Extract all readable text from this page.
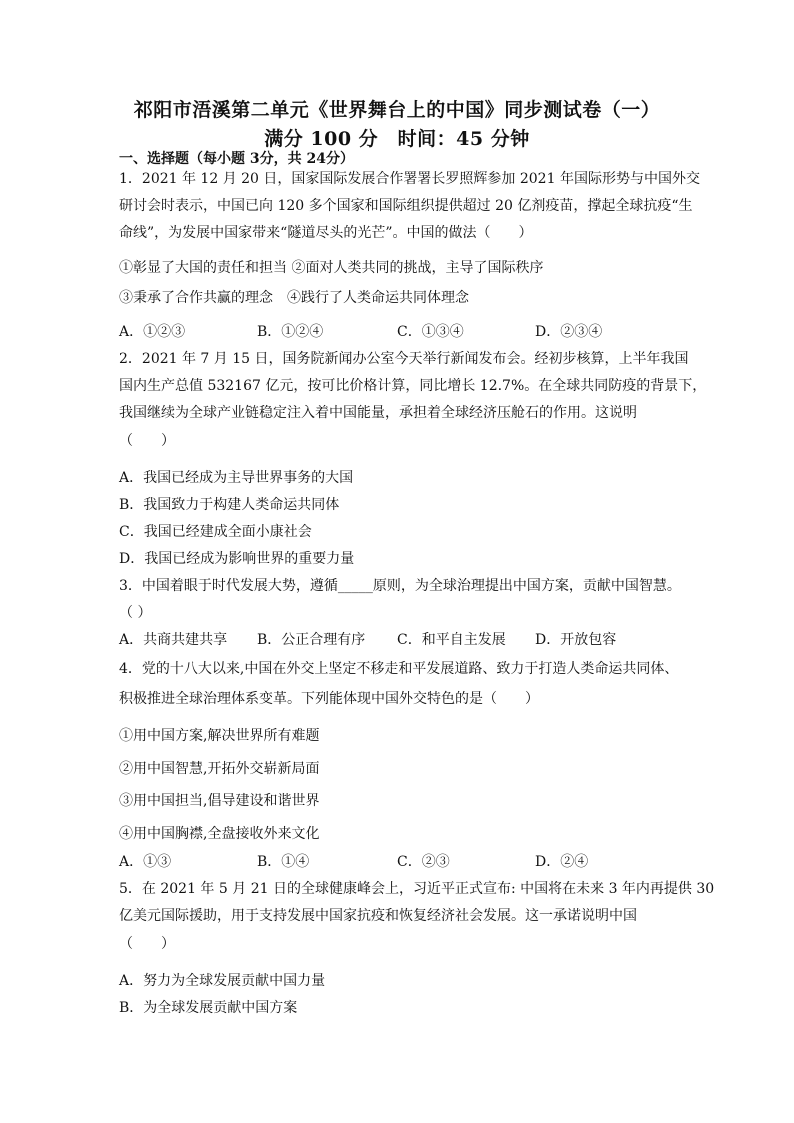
祁阳市浯溪第二单元《世界舞台上的中国》同步测试卷（一）
满分 100 分　时间：45 分钟
一、选择题（每小题 3分，共 24分）
1．2021 年 12 月 20 日，国家国际发展合作署署长罗照辉参加 2021 年国际形势与中国外交
研讨会时表示，中国已向 120 多个国家和国际组织提供超过 20 亿剂疫苗，撑起全球抗疫“生
命线”，为发展中国家带来“隧道尽头的光芒”。中国的做法（　　）
①彰显了大国的责任和担当 ②面对人类共同的挑战，主导了国际秩序
③秉承了合作共赢的理念　④践行了人类命运共同体理念
A．①②③	B．①②④	C．①③④	D．②③④
2．2021 年 7 月 15 日，国务院新闻办公室今天举行新闻发布会。经初步核算，上半年我国
国内生产总值 532167 亿元，按可比价格计算，同比增长 12.7%。在全球共同防疫的背景下，
我国继续为全球产业链稳定注入着中国能量，承担着全球经济压舱石的作用。这说明
（　　）
A．我国已经成为主导世界事务的大国
B．我国致力于构建人类命运共同体
C．我国已经建成全面小康社会
D．我国已经成为影响世界的重要力量
3．中国着眼于时代发展大势，遵循_____原则，为全球治理提出中国方案，贡献中国智慧。
（ ）
A．共商共建共享 B．公正合理有序 C．和平自主发展 D．开放包容
4．党的十八大以来,中国在外交上坚定不移走和平发展道路、致力于打造人类命运共同体、
积极推进全球治理体系变革。下列能体现中国外交特色的是（　　）
①用中国方案,解决世界所有难题
②用中国智慧,开拓外交崭新局面
③用中国担当,倡导建设和谐世界
④用中国胸襟,全盘接收外来文化
A．①③	B．①④	C．②③	D．②④
5．在 2021 年 5 月 21 日的全球健康峰会上，习近平正式宣布: 中国将在未来 3 年内再提供 30
亿美元国际援助，用于支持发展中国家抗疫和恢复经济社会发展。这一承诺说明中国
（　　）
A．努力为全球发展贡献中国力量
B．为全球发展贡献中国方案
